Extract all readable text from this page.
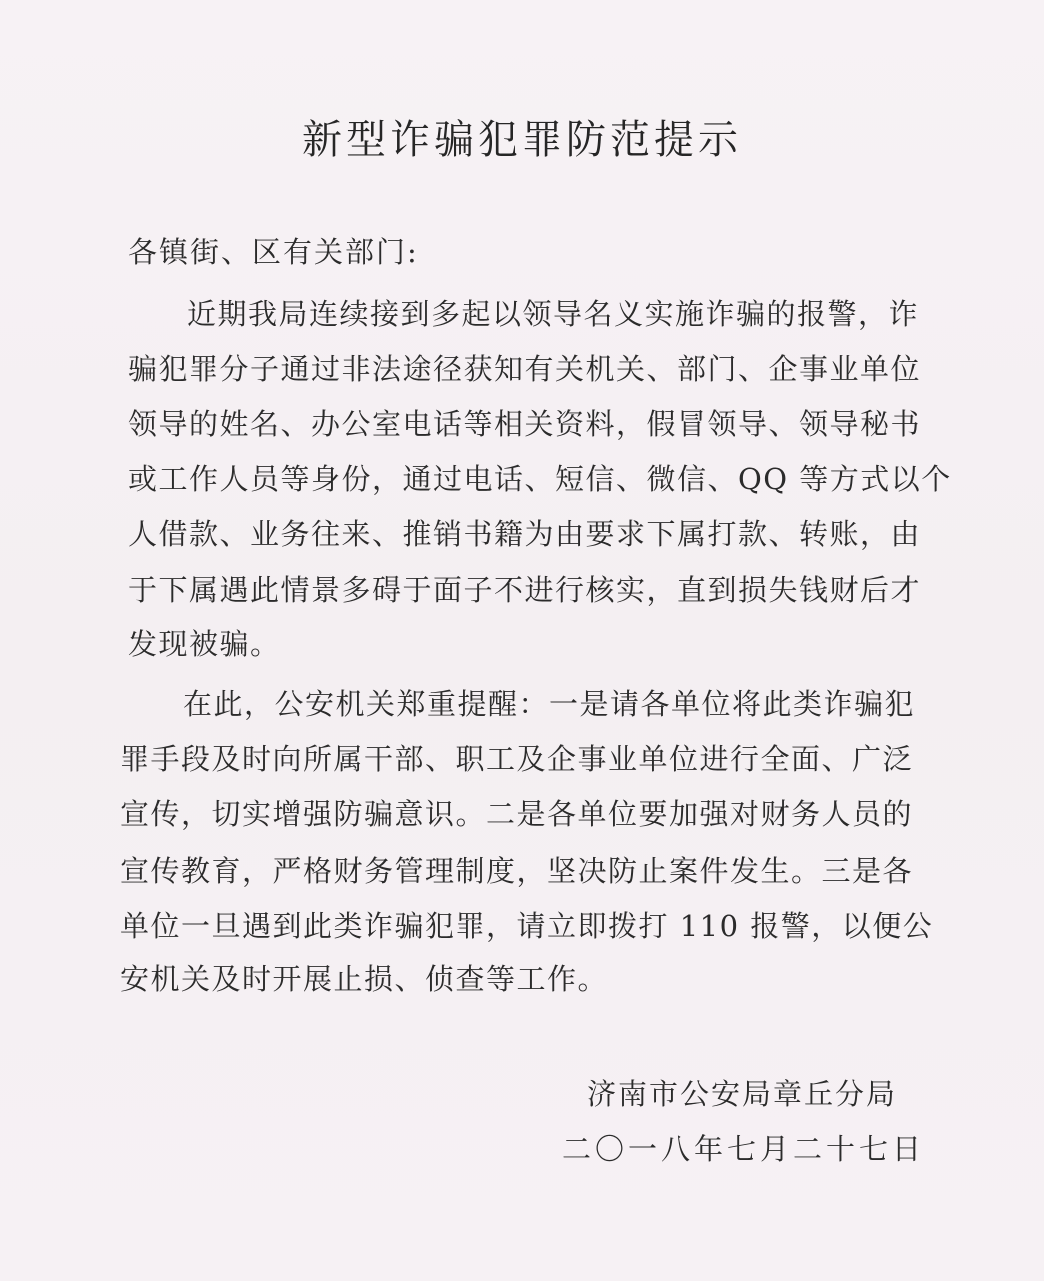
新型诈骗犯罪防范提示

各镇街、区有关部门:

近期我局连续接到多起以领导名义实施诈骗的报警，诈

骗犯罪分子通过非法途径获知有关机关、部门、企事业单位

领导的姓名、办公室电话等相关资料，假冒领导、领导秘书

或工作人员等身份，通过电话、短信、微信、QQ 等方式以个

人借款、业务往来、推销书籍为由要求下属打款、转账，由

于下属遇此情景多碍于面子不进行核实，直到损失钱财后才

发现被骗。

在此，公安机关郑重提醒：一是请各单位将此类诈骗犯

罪手段及时向所属干部、职工及企事业单位进行全面、广泛

宣传，切实增强防骗意识。二是各单位要加强对财务人员的

宣传教育，严格财务管理制度，坚决防止案件发生。三是各

单位一旦遇到此类诈骗犯罪，请立即拨打 110 报警，以便公

安机关及时开展止损、侦查等工作。

济南市公安局章丘分局

二〇一八年七月二十七日
